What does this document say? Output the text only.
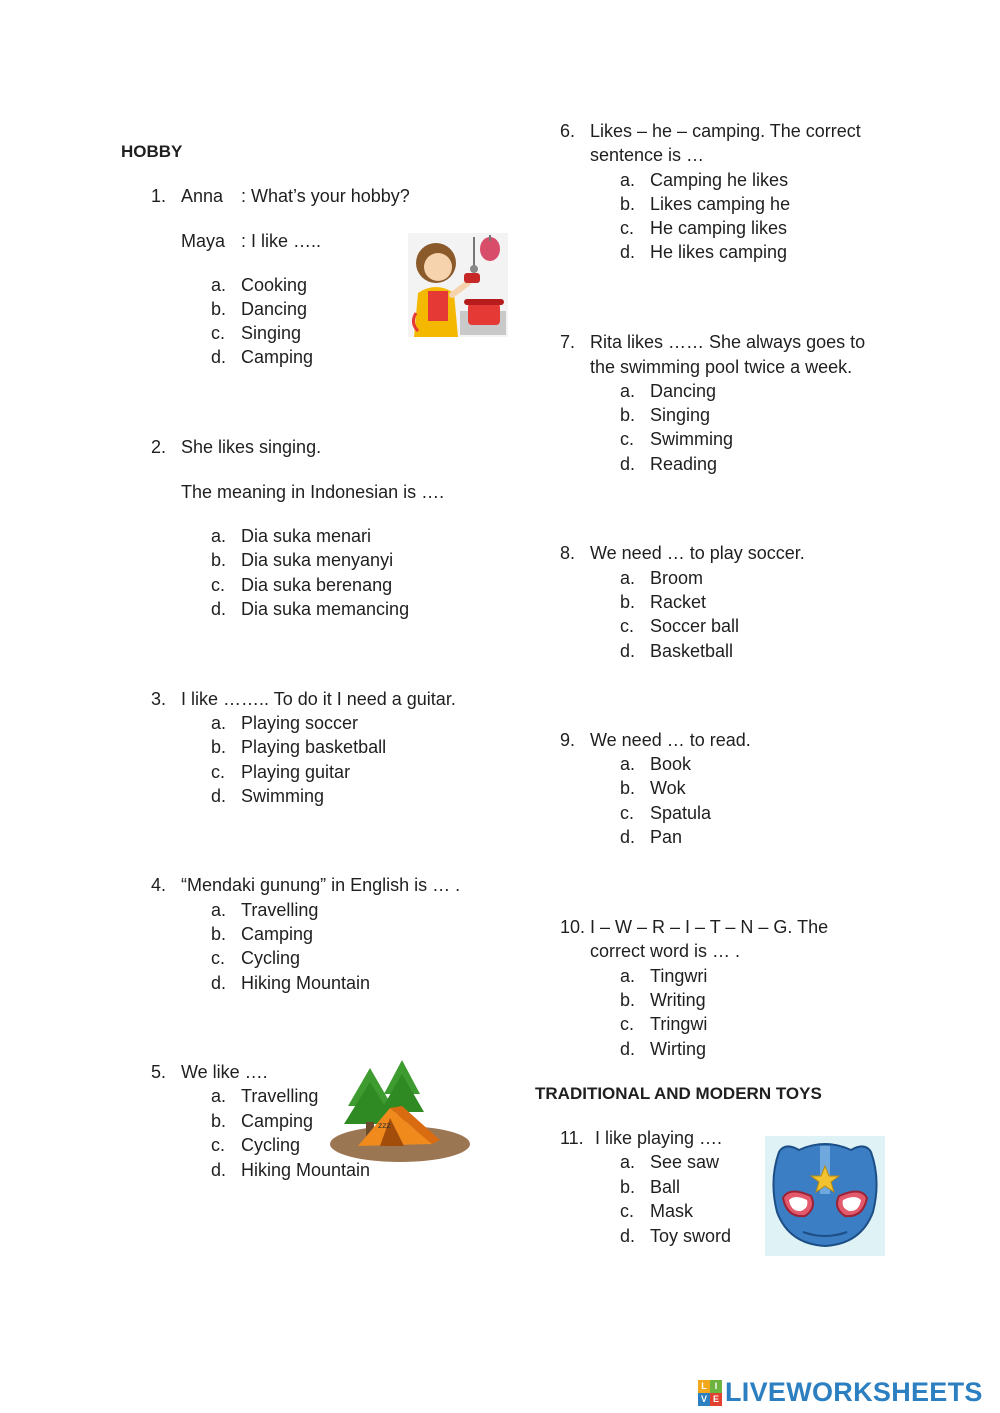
HOBBY
1. Anna : What’s your hobby?
Maya : I like …..
a. Cooking
b. Dancing
c. Singing
d. Camping
2. She likes singing.
The meaning in Indonesian is ….
a. Dia suka menari
b. Dia suka menyanyi
c. Dia suka berenang
d. Dia suka memancing
3. I like …….. To do it I need a guitar.
a. Playing soccer
b. Playing basketball
c. Playing guitar
d. Swimming
4. “Mendaki gunung” in English is … .
a. Travelling
b. Camping
c. Cycling
d. Hiking Mountain
5. We like ….
a. Travelling
b. Camping
c. Cycling
d. Hiking Mountain
zzz
6. Likes – he – camping. The correct
sentence is …
a. Camping he likes
b. Likes camping he
c. He camping likes
d. He likes camping
7. Rita likes …… She always goes to
the swimming pool twice a week.
a. Dancing
b. Singing
c. Swimming
d. Reading
8. We need … to play soccer.
a. Broom
b. Racket
c. Soccer ball
d. Basketball
9. We need … to read.
a. Book
b. Wok
c. Spatula
d. Pan
10. I – W – R – I – T – N – G. The
correct word is … .
a. Tingwri
b. Writing
c. Tringwi
d. Wirting
TRADITIONAL AND MODERN TOYS
11. I like playing ….
a. See saw
b. Ball
c. Mask
d. Toy sword
L I
V E LIVEWORKSHEETS
